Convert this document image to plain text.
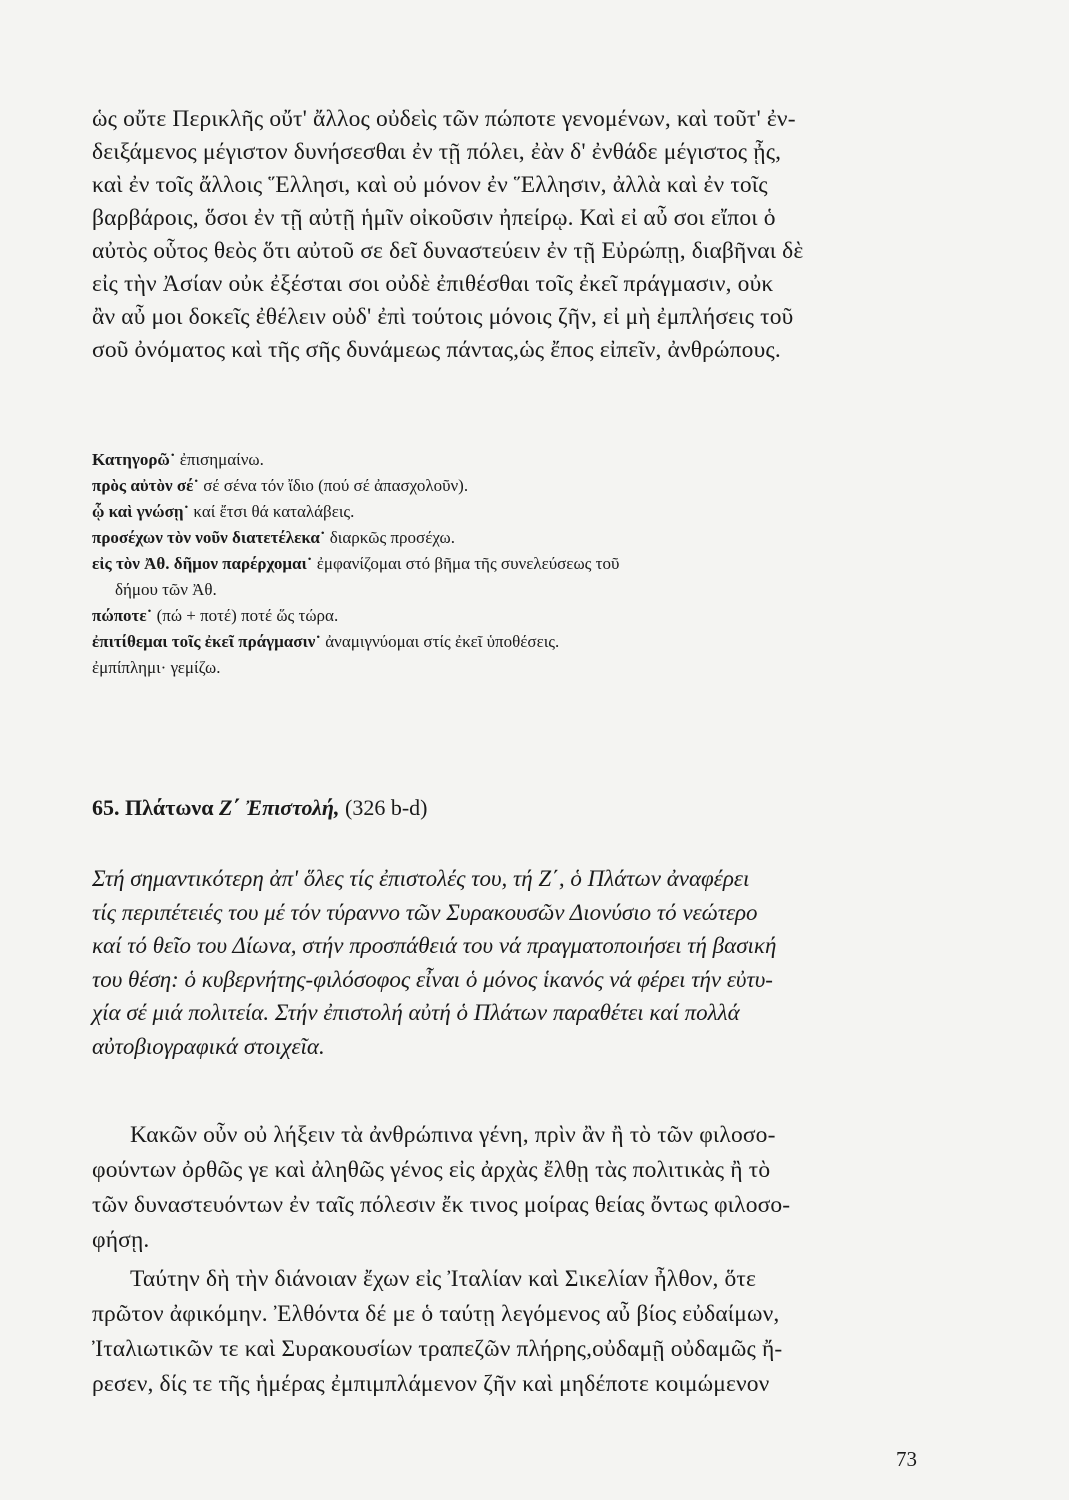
ὡς οὔτε Περικλῆς οὔτ' ἄλλος οὐδεὶς τῶν πώποτε γενομένων, καὶ τοῦτ' ἐν-
δειξάμενος μέγιστον δυνήσεσθαι ἐν τῇ πόλει, ἐὰν δ' ἐνθάδε μέγιστος ᾖς,
καὶ ἐν τοῖς ἄλλοις Ἕλλησι, καὶ οὐ μόνον ἐν Ἕλλησιν, ἀλλὰ καὶ ἐν τοῖς
βαρβάροις, ὅσοι ἐν τῇ αὐτῇ ἡμῖν οἰκοῦσιν ἠπείρῳ. Καὶ εἰ αὖ σοι εἴποι ὁ
αὐτὸς οὗτος θεὸς ὅτι αὐτοῦ σε δεῖ δυναστεύειν ἐν τῇ Εὐρώπῃ, διαβῆναι δὲ
εἰς τὴν Ἀσίαν οὐκ ἐξέσται σοι οὐδὲ ἐπιθέσθαι τοῖς ἐκεῖ πράγμασιν, οὐκ
ἂν αὖ μοι δοκεῖς ἐθέλειν οὐδ' ἐπὶ τούτοις μόνοις ζῆν, εἰ μὴ ἐμπλήσεις τοῦ
σοῦ ὀνόματος καὶ τῆς σῆς δυνάμεως πάντας,ὡς ἔπος εἰπεῖν, ἀνθρώπους.
Κατηγορῶ˙ ἐπισημαίνω.
πρὸς αὐτὸν σέ˙ σέ σένα τόν ἴδιο (πού σέ ἀπασχολοῦν).
ᾧ καὶ γνώσῃ˙ καί ἔτσι θά καταλάβεις.
προσέχων τὸν νοῦν διατετέλεκα˙ διαρκῶς προσέχω.
εἰς τὸν Ἀθ. δῆμον παρέρχομαι˙ ἐμφανίζομαι στό βῆμα τῆς συνελεύσεως τοῦ
δήμου τῶν Ἀθ.
πώποτε˙ (πώ + ποτέ) ποτέ ὥς τώρα.
ἐπιτίθεμαι τοῖς ἐκεῖ πράγμασιν˙ ἀναμιγνύομαι στίς ἐκεῖ ὑποθέσεις.
ἐμπίπλημι· γεμίζω.
65. Πλάτωνα Ζ΄ Ἐπιστολή, (326 b-d)
Στή σημαντικότερη ἀπ' ὅλες τίς ἐπιστολές του, τή Ζ΄, ὁ Πλάτων ἀναφέρει
τίς περιπέτειές του μέ τόν τύραννο τῶν Συρακουσῶν Διονύσιο τό νεώτερο
καί τό θεῖο του Δίωνα, στήν προσπάθειά του νά πραγματοποιήσει τή βασική
του θέση: ὁ κυβερνήτης-φιλόσοφος εἶναι ὁ μόνος ἱκανός νά φέρει τήν εὐτυ-
χία σέ μιά πολιτεία. Στήν ἐπιστολή αὐτή ὁ Πλάτων παραθέτει καί πολλά
αὐτοβιογραφικά στοιχεῖα.
Κακῶν οὖν οὐ λήξειν τὰ ἀνθρώπινα γένη, πρὶν ἂν ἢ τὸ τῶν φιλοσο-
φούντων ὀρθῶς γε καὶ ἀληθῶς γένος εἰς ἀρχὰς ἔλθῃ τὰς πολιτικὰς ἢ τὸ
τῶν δυναστευόντων ἐν ταῖς πόλεσιν ἔκ τινος μοίρας θείας ὄντως φιλοσο-
φήσῃ.
Ταύτην δὴ τὴν διάνοιαν ἔχων εἰς Ἰταλίαν καὶ Σικελίαν ἦλθον, ὅτε
πρῶτον ἀφικόμην. Ἐλθόντα δέ με ὁ ταύτῃ λεγόμενος αὖ βίος εὐδαίμων,
Ἰταλιωτικῶν τε καὶ Συρακουσίων τραπεζῶν πλήρης,οὐδαμῇ οὐδαμῶς ἤ-
ρεσεν, δίς τε τῆς ἡμέρας ἐμπιμπλάμενον ζῆν καὶ μηδέποτε κοιμώμενον
73
